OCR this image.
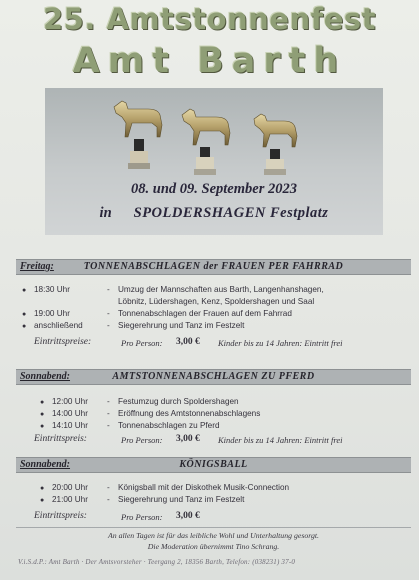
25. Amtstonnenfest
Amt Barth
08. und 09. September 2023
in SPOLDERSHAGEN Festplatz
TONNENABSCHLAGEN der FRAUEN PER FAHRRAD
Freitag:
● 18:30 Uhr	- Umzug der Mannschaften aus Barth, Langenhanshagen,
Löbnitz, Lüdershagen, Kenz, Spoldershagen und Saal
● 19:00 Uhr	- Tonnenabschlagen der Frauen auf dem Fahrrad
● anschließend	- Siegerehrung und Tanz im Festzelt
Eintrittspreise:	Pro Person: 3,00 € Kinder bis zu 14 Jahren: Eintritt frei
AMTSTONNENABSCHLAGEN ZU PFERD
Sonnabend:
● 12:00 Uhr - Festumzug durch Spoldershagen
● 14:00 Uhr - Eröffnung des Amtstonnenabschlagens
● 14:10 Uhr - Tonnenabschlagen zu Pferd
Eintrittspreis:	Pro Person: 3,00 € Kinder bis zu 14 Jahren: Eintritt frei
KÖNIGSBALL
Sonnabend:
● 20:00 Uhr - Königsball mit der Diskothek Musik-Connection
● 21:00 Uhr - Siegerehrung und Tanz im Festzelt
Eintrittspreis:	Pro Person: 3,00 €
An allen Tagen ist für das leibliche Wohl und Unterhaltung gesorgt.
Die Moderation übernimmt Tino Schrang.
V.i.S.d.P.: Amt Barth · Der Amtsvorsteher · Teergang 2, 18356 Barth, Telefon: (038231) 37-0
